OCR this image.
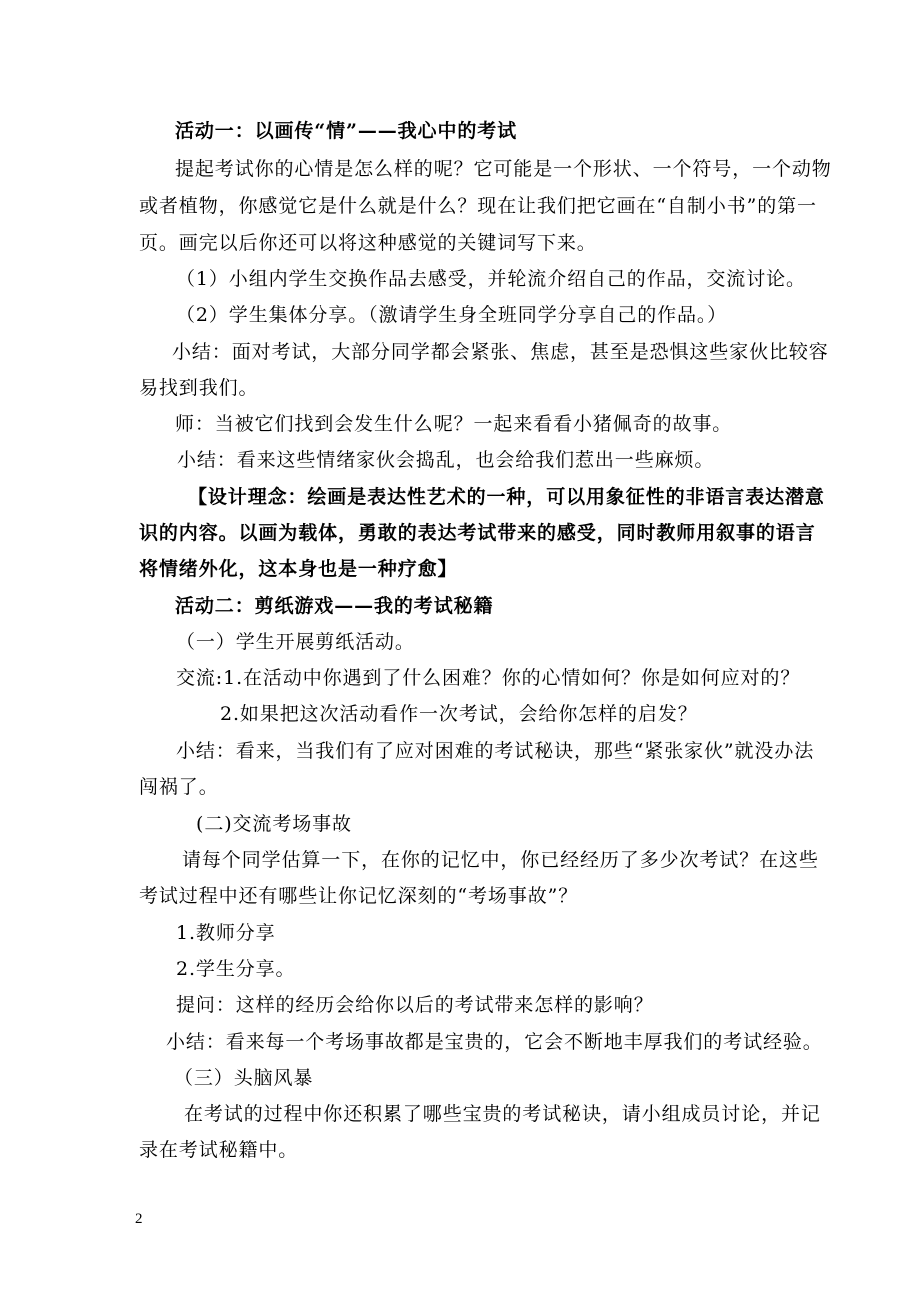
活动一：以画传“情”——我心中的考试
提起考试你的心情是怎么样的呢？它可能是一个形状、一个符号，一个动物
或者植物，你感觉它是什么就是什么？现在让我们把它画在“自制小书”的第一
页。画完以后你还可以将这种感觉的关键词写下来。
（1）小组内学生交换作品去感受，并轮流介绍自己的作品，交流讨论。
（2）学生集体分享。（激请学生身全班同学分享自己的作品。）
小结：面对考试，大部分同学都会紧张、焦虑，甚至是恐惧这些家伙比较容
易找到我们。
师：当被它们找到会发生什么呢？一起来看看小猪佩奇的故事。
小结：看来这些情绪家伙会捣乱，也会给我们惹出一些麻烦。
【设计理念：绘画是表达性艺术的一种，可以用象征性的非语言表达潜意
识的内容。以画为载体，勇敢的表达考试带来的感受，同时教师用叙事的语言
将情绪外化，这本身也是一种疗愈】
活动二：剪纸游戏——我的考试秘籍
（一）学生开展剪纸活动。
交流:1.在活动中你遇到了什么困难？你的心情如何？你是如何应对的？
2.如果把这次活动看作一次考试，会给你怎样的启发？
小结：看来，当我们有了应对困难的考试秘诀，那些“紧张家伙”就没办法
闯祸了。
(二)交流考场事故
请每个同学估算一下，在你的记忆中，你已经经历了多少次考试？在这些
考试过程中还有哪些让你记忆深刻的“考场事故”？
1.教师分享
2.学生分享。
提问：这样的经历会给你以后的考试带来怎样的影响？
小结：看来每一个考场事故都是宝贵的，它会不断地丰厚我们的考试经验。
（三）头脑风暴
在考试的过程中你还积累了哪些宝贵的考试秘诀，请小组成员讨论，并记
录在考试秘籍中。
2
